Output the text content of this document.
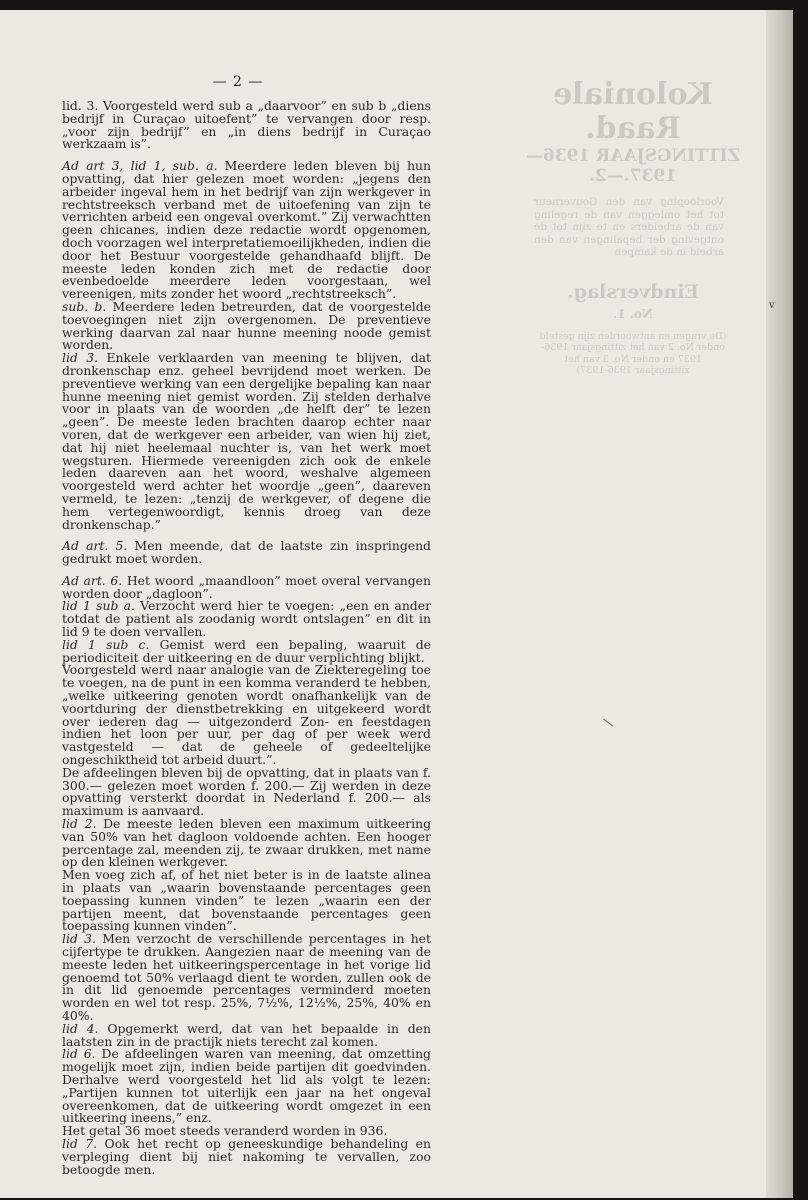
Koloniale Raad.
ZITTINGSJAAR 1936—1937.—2.
Voorlooping van den Gouverneur tot het omleggen van de regeling van de arbeiders en te zijn tot de ontgeving der bepalingen van den arbeid in de kampen
Eindverslag.
No. 1.
(De vragen en antwoorden zijn gesteld onder No. 2 van het zittingsjaar 1936-1937 en onder No. 3 van het zittingsjaar 1936-1937)
v
— 2 —

lid. 3. Voorgesteld werd sub a „daarvoor” en sub b „diens bedrijf in Curaçao uitoefent” te vervangen door resp. „voor zijn bedrijf” en „in diens bedrijf in Curaçao werkzaam is”.

Ad art 3, lid 1, sub. a. Meerdere leden bleven bij hun opvatting, dat hier gelezen moet worden: „jegens den arbeider ingeval hem in het bedrijf van zijn werkgever in rechtstreeksch verband met de uitoefening van zijn te verrichten arbeid een ongeval overkomt.” Zij verwachtten geen chicanes, indien deze redactie wordt opgenomen, doch voorzagen wel interpretatiemoeilijkheden, indien die door het Bestuur voorgestelde gehandhaafd blijft. De meeste leden konden zich met de redactie door evenbedoelde meerdere leden voorgestaan, wel vereenigen, mits zonder het woord „rechtstreeksch”.

sub. b. Meerdere leden betreurden, dat de voorgestelde toevoegingen niet zijn overgenomen. De preventieve werking daarvan zal naar hunne meening noode gemist worden.

lid 3. Enkele verklaarden van meening te blijven, dat dronkenschap enz. geheel bevrijdend moet werken. De preventieve werking van een dergelijke bepaling kan naar hunne meening niet gemist worden. Zij stelden derhalve voor in plaats van de woorden „de helft der” te lezen „geen”. De meeste leden brachten daarop echter naar voren, dat de werkgever een arbeider, van wien hij ziet, dat hij niet heelemaal nuchter is, van het werk moet wegsturen. Hiermede vereenigden zich ook de enkele leden daareven aan het woord, weshalve algemeen voorgesteld werd achter het woordje „geen”, daareven vermeld, te lezen: „tenzij de werkgever, of degene die hem vertegenwoordigt, kennis droeg van deze dronkenschap.”

Ad art. 5. Men meende, dat de laatste zin inspringend gedrukt moet worden.

Ad art. 6. Het woord „maandloon” moet overal vervangen worden door „dagloon”.

lid 1 sub a. Verzocht werd hier te voegen: „een en ander totdat de patient als zoodanig wordt ontslagen” en dit in lid 9 te doen vervallen.

lid 1 sub c. Gemist werd een bepaling, waaruit de periodiciteit der uitkeering en de duur verplichting blijkt.

Voorgesteld werd naar analogie van de Ziekteregeling toe te voegen, na de punt in een komma veranderd te hebben, „welke uitkeering genoten wordt onafhankelijk van de voortduring der dienstbetrekking en uitgekeerd wordt over iederen dag — uitgezonderd Zon- en feestdagen indien het loon per uur, per dag of per week werd vastgesteld — dat de geheele of gedeeltelijke ongeschiktheid tot arbeid duurt.”.

De afdeelingen bleven bij de opvatting, dat in plaats van f. 300.— gelezen moet worden f. 200.— Zij werden in deze opvatting versterkt doordat in Nederland f. 200.— als maximum is aanvaard.

lid 2. De meeste leden bleven een maximum uitkeering van 50% van het dagloon voldoende achten. Een hooger percentage zal, meenden zij, te zwaar drukken, met name op den kleinen werkgever.

Men voeg zich af, of het niet beter is in de laatste alinea in plaats van „waarin bovenstaande percentages geen toepassing kunnen vinden” te lezen „waarin een der partijen meent, dat bovenstaande percentages geen toepassing kunnen vinden”.

lid 3. Men verzocht de verschillende percentages in het cijfertype te drukken. Aangezien naar de meening van de meeste leden het uitkeeringspercentage in het vorige lid genoemd tot 50% verlaagd dient te worden, zullen ook de in dit lid genoemde percentages verminderd moeten worden en wel tot resp. 25%, 7½%, 12½%, 25%, 40% en 40%.

lid 4. Opgemerkt werd, dat van het bepaalde in den laatsten zin in de practijk niets terecht zal komen.

lid 6. De afdeelingen waren van meening, dat omzetting mogelijk moet zijn, indien beide partijen dit goedvinden. Derhalve werd voorgesteld het lid als volgt te lezen: „Partijen kunnen tot uiterlijk een jaar na het ongeval overeenkomen, dat de uitkeering wordt omgezet in een uitkeering ineens,” enz.

Het getal 36 moet steeds veranderd worden in 936.

lid 7. Ook het recht op geneeskundige behandeling en verpleging dient bij niet nakoming te vervallen, zoo betoogde men.
